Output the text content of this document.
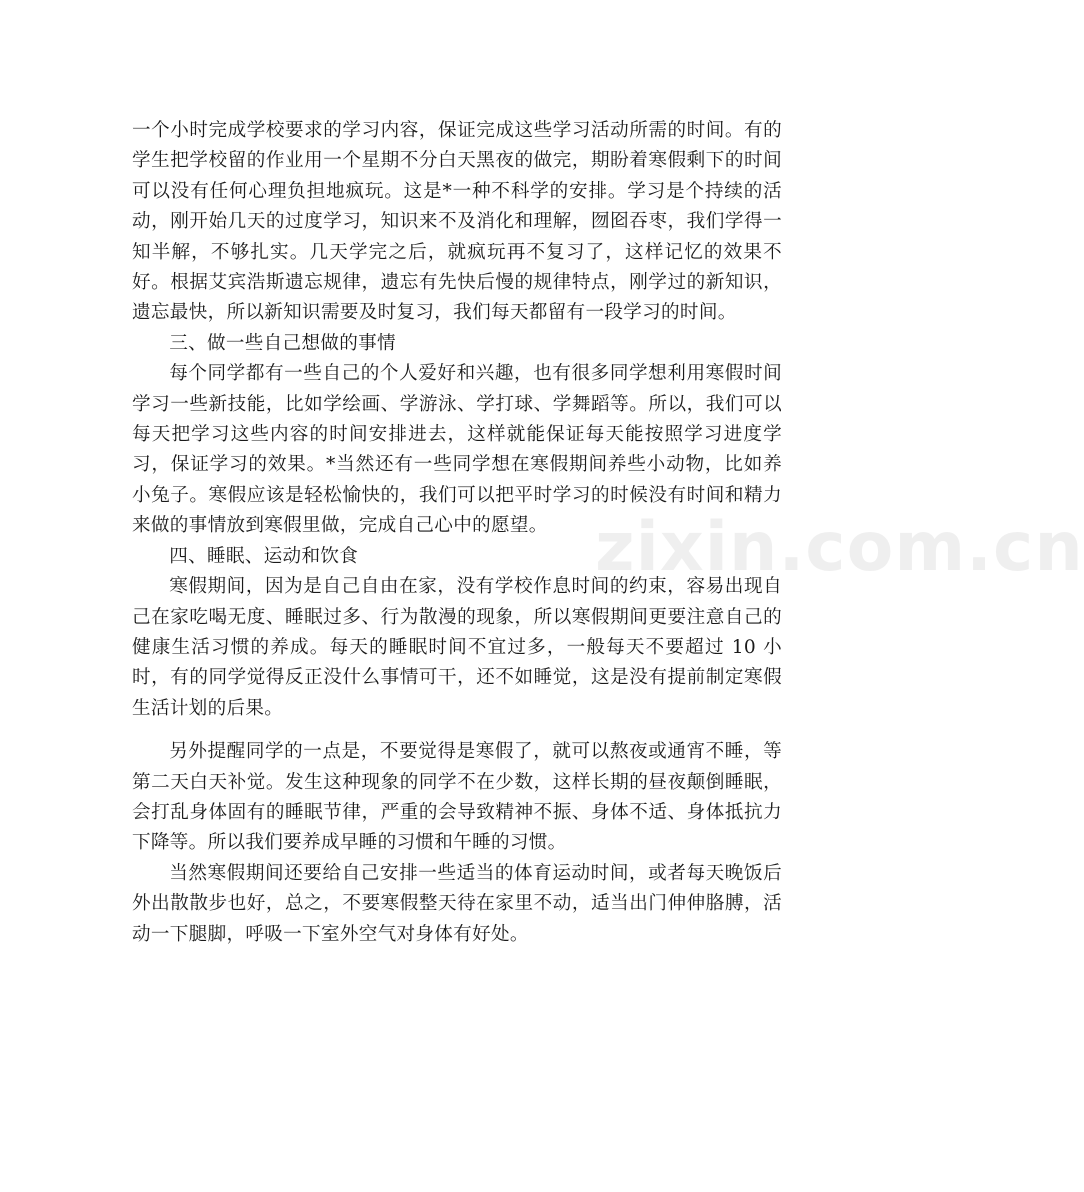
一个小时完成学校要求的学习内容，保证完成这些学习活动所需的时间。有的学生把学校留的作业用一个星期不分白天黑夜的做完，期盼着寒假剩下的时间可以没有任何心理负担地疯玩。这是*一种不科学的安排。学习是个持续的活动，刚开始几天的过度学习，知识来不及消化和理解，囫囵吞枣，我们学得一知半解，不够扎实。几天学完之后，就疯玩再不复习了，这样记忆的效果不好。根据艾宾浩斯遗忘规律，遗忘有先快后慢的规律特点，刚学过的新知识，遗忘最快，所以新知识需要及时复习，我们每天都留有一段学习的时间。

三、做一些自己想做的事情

每个同学都有一些自己的个人爱好和兴趣，也有很多同学想利用寒假时间学习一些新技能，比如学绘画、学游泳、学打球、学舞蹈等。所以，我们可以每天把学习这些内容的时间安排进去，这样就能保证每天能按照学习进度学习，保证学习的效果。*当然还有一些同学想在寒假期间养些小动物，比如养小兔子。寒假应该是轻松愉快的，我们可以把平时学习的时候没有时间和精力来做的事情放到寒假里做，完成自己心中的愿望。

四、睡眠、运动和饮食

寒假期间，因为是自己自由在家，没有学校作息时间的约束，容易出现自己在家吃喝无度、睡眠过多、行为散漫的现象，所以寒假期间更要注意自己的健康生活习惯的养成。每天的睡眠时间不宜过多，一般每天不要超过 10 小时，有的同学觉得反正没什么事情可干，还不如睡觉，这是没有提前制定寒假生活计划的后果。

另外提醒同学的一点是，不要觉得是寒假了，就可以熬夜或通宵不睡，等第二天白天补觉。发生这种现象的同学不在少数，这样长期的昼夜颠倒睡眠，会打乱身体固有的睡眠节律，严重的会导致精神不振、身体不适、身体抵抗力下降等。所以我们要养成早睡的习惯和午睡的习惯。

当然寒假期间还要给自己安排一些适当的体育运动时间，或者每天晚饭后外出散散步也好，总之，不要寒假整天待在家里不动，适当出门伸伸胳膊，活动一下腿脚，呼吸一下室外空气对身体有好处。

zixin.com.cn
